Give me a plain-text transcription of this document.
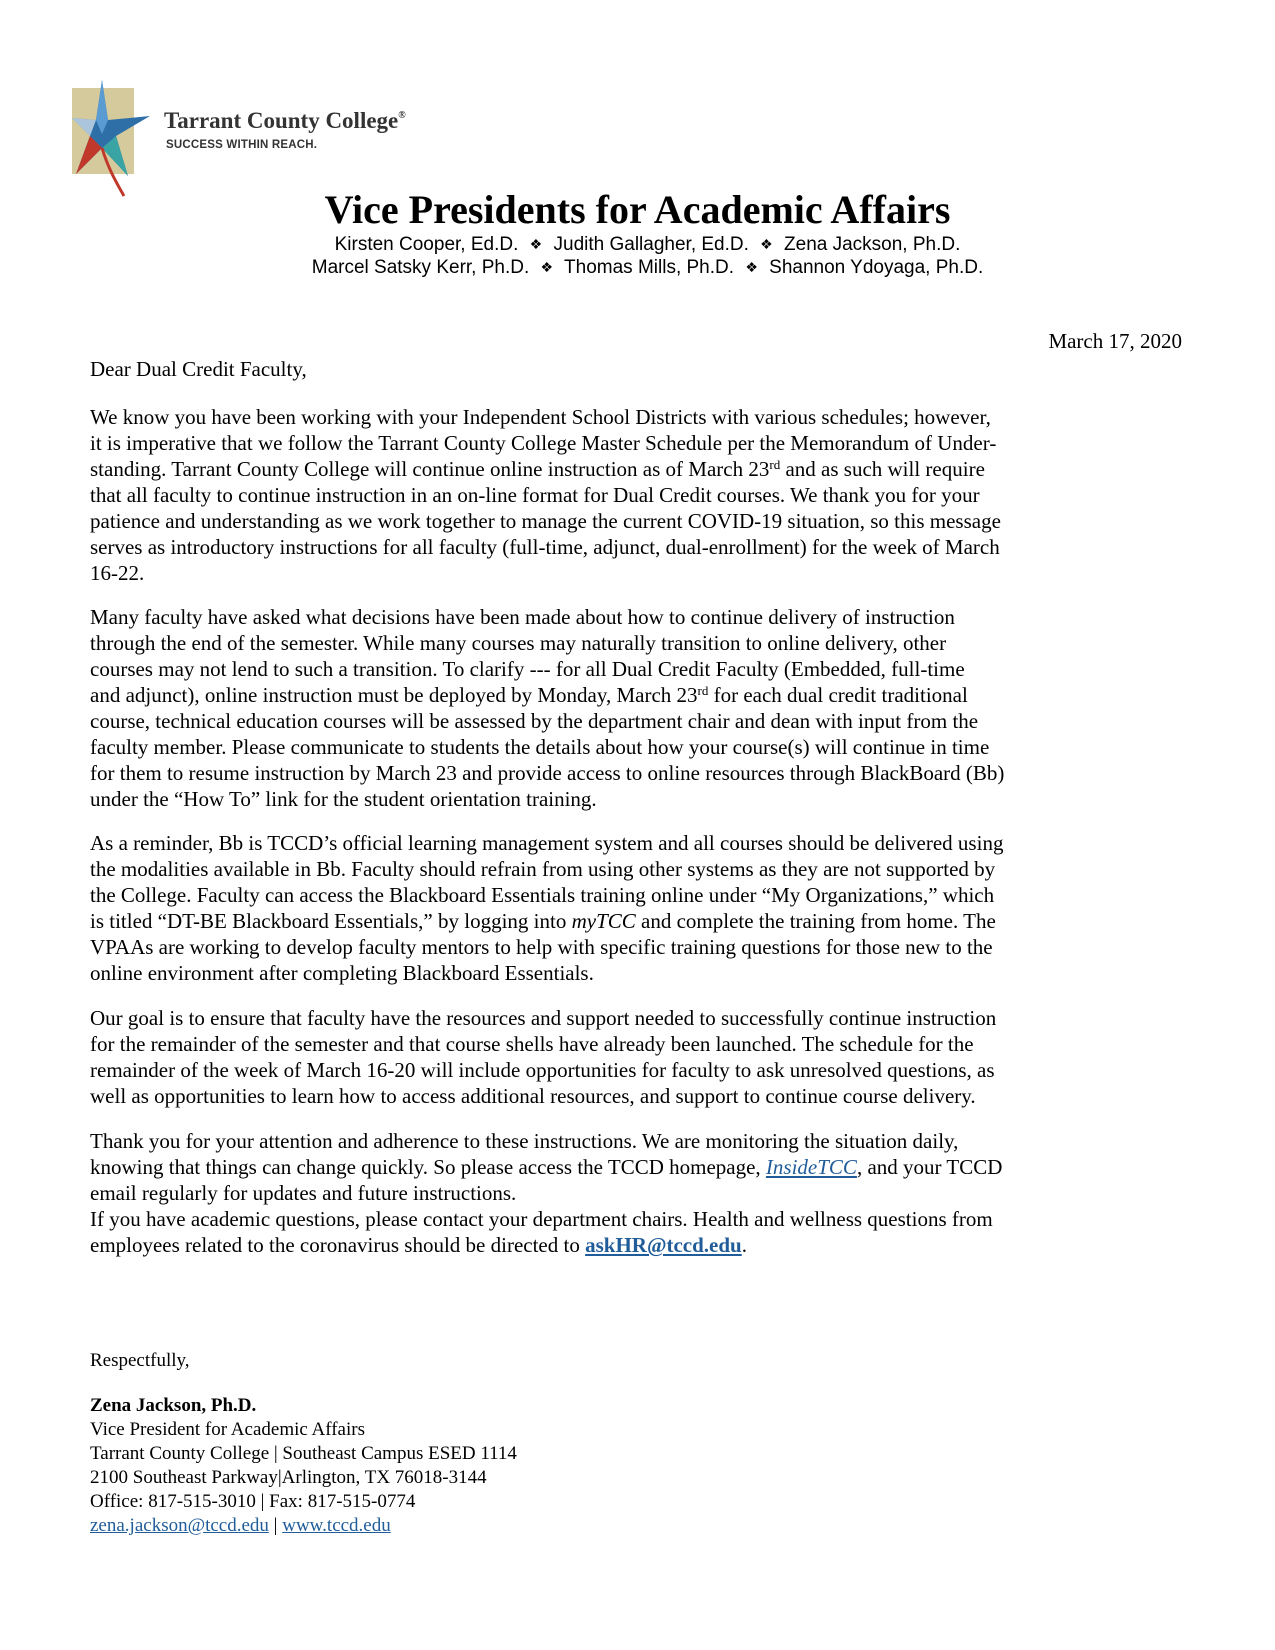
Tarrant County College®
SUCCESS WITHIN REACH.
Vice Presidents for Academic Affairs
Kirsten Cooper, Ed.D. ❖ Judith Gallagher, Ed.D. ❖ Zena Jackson, Ph.D.
Marcel Satsky Kerr, Ph.D. ❖ Thomas Mills, Ph.D. ❖ Shannon Ydoyaga, Ph.D.
March 17, 2020
Dear Dual Credit Faculty,
We know you have been working with your Independent School Districts with various schedules; however,
it is imperative that we follow the Tarrant County College Master Schedule per the Memorandum of Under-
standing. Tarrant County College will continue online instruction as of March 23rd and as such will require
that all faculty to continue instruction in an on-line format for Dual Credit courses. We thank you for your
patience and understanding as we work together to manage the current COVID-19 situation, so this message
serves as introductory instructions for all faculty (full-time, adjunct, dual-enrollment) for the week of March
16-22.
Many faculty have asked what decisions have been made about how to continue delivery of instruction
through the end of the semester. While many courses may naturally transition to online delivery, other
courses may not lend to such a transition. To clarify --- for all Dual Credit Faculty (Embedded, full-time
and adjunct), online instruction must be deployed by Monday, March 23rd for each dual credit traditional
course, technical education courses will be assessed by the department chair and dean with input from the
faculty member. Please communicate to students the details about how your course(s) will continue in time
for them to resume instruction by March 23 and provide access to online resources through BlackBoard (Bb)
under the “How To” link for the student orientation training.
As a reminder, Bb is TCCD’s official learning management system and all courses should be delivered using
the modalities available in Bb. Faculty should refrain from using other systems as they are not supported by
the College. Faculty can access the Blackboard Essentials training online under “My Organizations,” which
is titled “DT-BE Blackboard Essentials,” by logging into myTCC and complete the training from home. The
VPAAs are working to develop faculty mentors to help with specific training questions for those new to the
online environment after completing Blackboard Essentials.
Our goal is to ensure that faculty have the resources and support needed to successfully continue instruction
for the remainder of the semester and that course shells have already been launched. The schedule for the
remainder of the week of March 16-20 will include opportunities for faculty to ask unresolved questions, as
well as opportunities to learn how to access additional resources, and support to continue course delivery.
Thank you for your attention and adherence to these instructions. We are monitoring the situation daily,
knowing that things can change quickly. So please access the TCCD homepage, InsideTCC, and your TCCD
email regularly for updates and future instructions.
If you have academic questions, please contact your department chairs. Health and wellness questions from
employees related to the coronavirus should be directed to askHR@tccd.edu.
Respectfully,
Zena Jackson, Ph.D.
Vice President for Academic Affairs
Tarrant County College | Southeast Campus ESED 1114
2100 Southeast Parkway|Arlington, TX 76018-3144
Office: 817-515-3010 | Fax: 817-515-0774
zena.jackson@tccd.edu | www.tccd.edu
